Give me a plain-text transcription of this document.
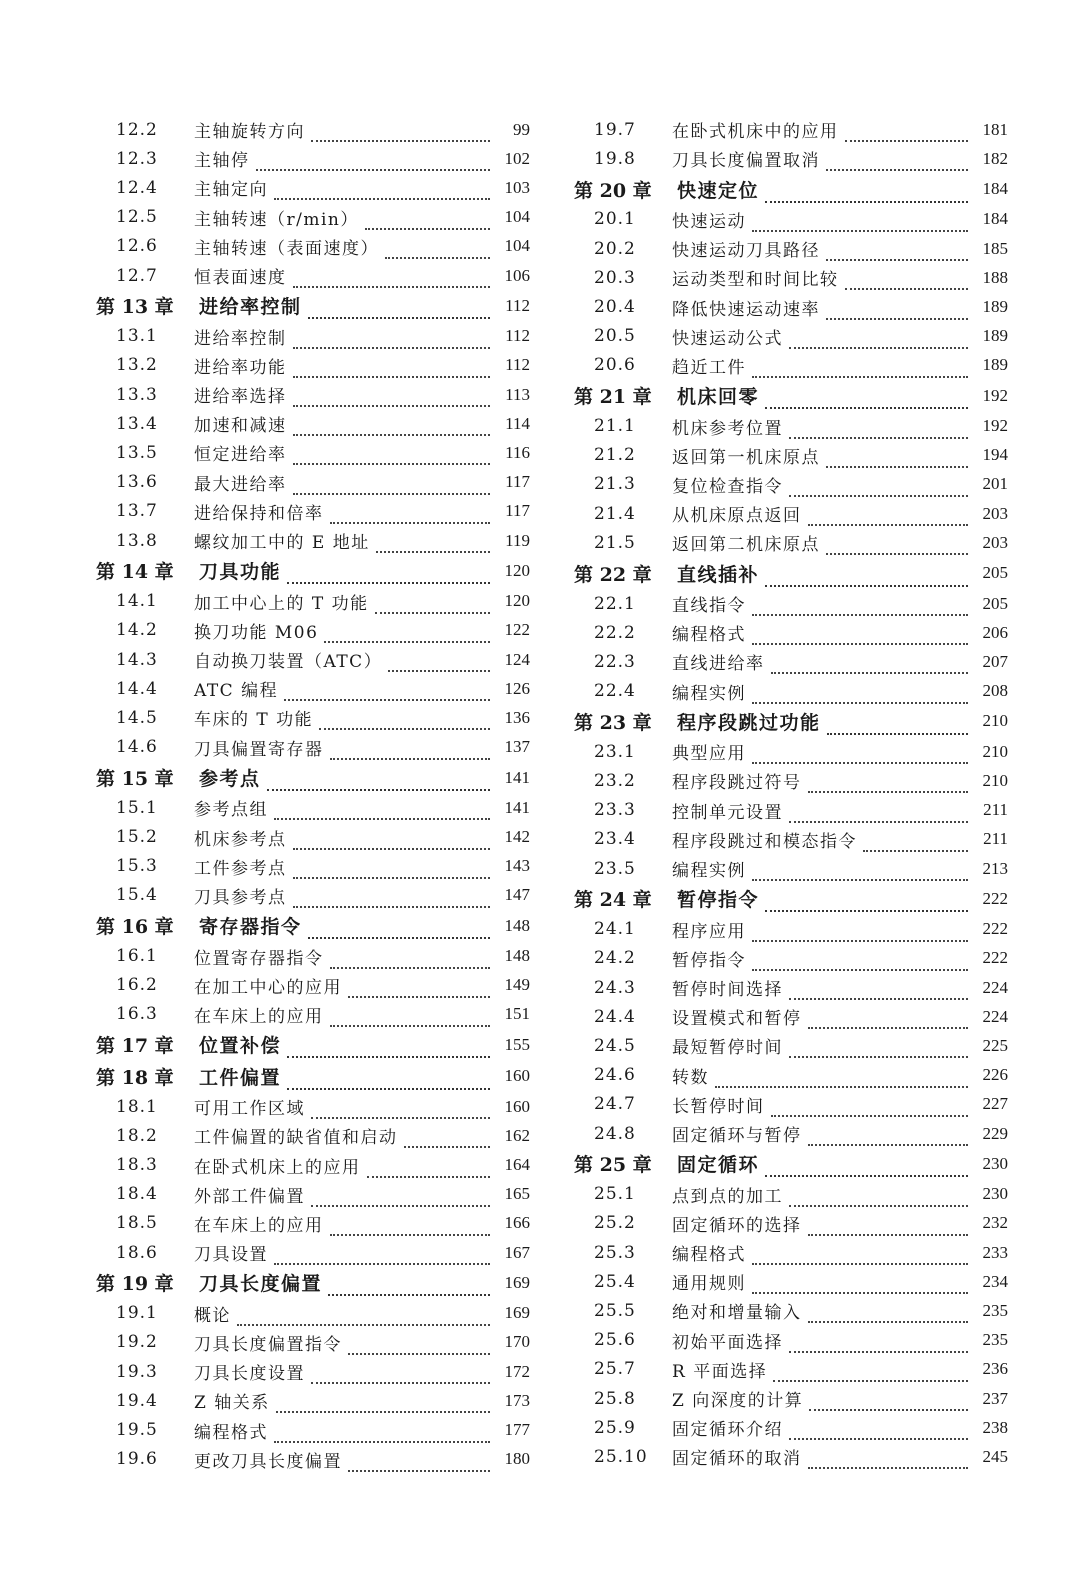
12.2	主轴旋转方向	99
12.3	主轴停	102
12.4	主轴定向	103
12.5	主轴转速（r/min）	104
12.6	主轴转速（表面速度）	104
12.7	恒表面速度	106
第 13 章	进给率控制	112
13.1	进给率控制	112
13.2	进给率功能	112
13.3	进给率选择	113
13.4	加速和减速	114
13.5	恒定进给率	116
13.6	最大进给率	117
13.7	进给保持和倍率	117
13.8	螺纹加工中的 E 地址	119
第 14 章	刀具功能	120
14.1	加工中心上的 T 功能	120
14.2	换刀功能 M06	122
14.3	自动换刀装置（ATC）	124
14.4	ATC 编程	126
14.5	车床的 T 功能	136
14.6	刀具偏置寄存器	137
第 15 章	参考点	141
15.1	参考点组	141
15.2	机床参考点	142
15.3	工件参考点	143
15.4	刀具参考点	147
第 16 章	寄存器指令	148
16.1	位置寄存器指令	148
16.2	在加工中心的应用	149
16.3	在车床上的应用	151
第 17 章	位置补偿	155
第 18 章	工件偏置	160
18.1	可用工作区域	160
18.2	工件偏置的缺省值和启动	162
18.3	在卧式机床上的应用	164
18.4	外部工件偏置	165
18.5	在车床上的应用	166
18.6	刀具设置	167
第 19 章	刀具长度偏置	169
19.1	概论	169
19.2	刀具长度偏置指令	170
19.3	刀具长度设置	172
19.4	Z 轴关系	173
19.5	编程格式	177
19.6	更改刀具长度偏置	180
19.7	在卧式机床中的应用	181
19.8	刀具长度偏置取消	182
第 20 章	快速定位	184
20.1	快速运动	184
20.2	快速运动刀具路径	185
20.3	运动类型和时间比较	188
20.4	降低快速运动速率	189
20.5	快速运动公式	189
20.6	趋近工件	189
第 21 章	机床回零	192
21.1	机床参考位置	192
21.2	返回第一机床原点	194
21.3	复位检查指令	201
21.4	从机床原点返回	203
21.5	返回第二机床原点	203
第 22 章	直线插补	205
22.1	直线指令	205
22.2	编程格式	206
22.3	直线进给率	207
22.4	编程实例	208
第 23 章	程序段跳过功能	210
23.1	典型应用	210
23.2	程序段跳过符号	210
23.3	控制单元设置	211
23.4	程序段跳过和模态指令	211
23.5	编程实例	213
第 24 章	暂停指令	222
24.1	程序应用	222
24.2	暂停指令	222
24.3	暂停时间选择	224
24.4	设置模式和暂停	224
24.5	最短暂停时间	225
24.6	转数	226
24.7	长暂停时间	227
24.8	固定循环与暂停	229
第 25 章	固定循环	230
25.1	点到点的加工	230
25.2	固定循环的选择	232
25.3	编程格式	233
25.4	通用规则	234
25.5	绝对和增量输入	235
25.6	初始平面选择	235
25.7	R 平面选择	236
25.8	Z 向深度的计算	237
25.9	固定循环介绍	238
25.10	固定循环的取消	245
